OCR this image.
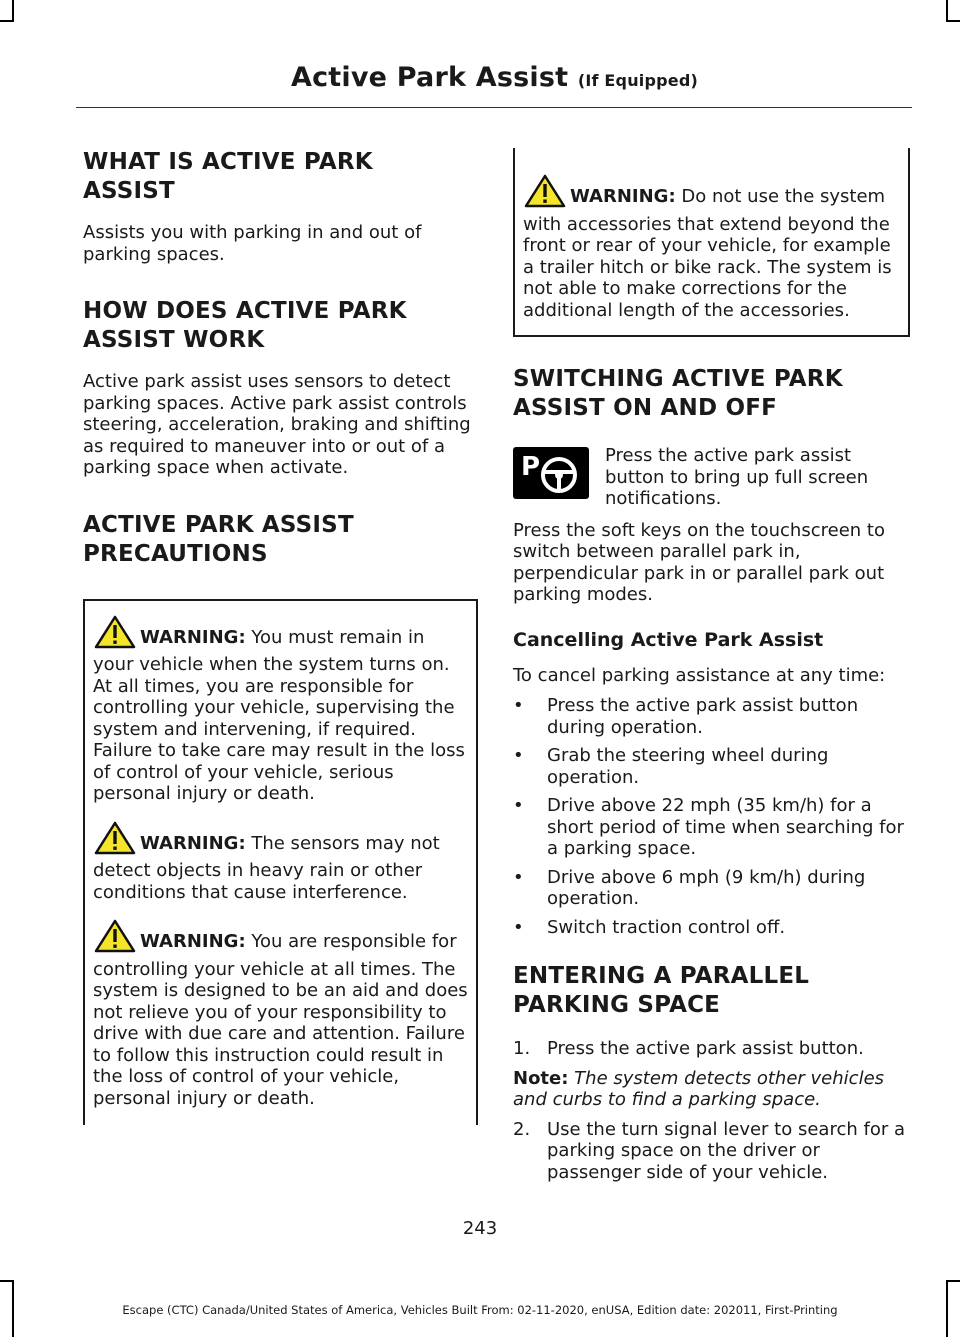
Active Park Assist (If Equipped)
WHAT IS ACTIVE PARK
ASSIST

Assists you with parking in and out of parking spaces.

HOW DOES ACTIVE PARK
ASSIST WORK

Active park assist uses sensors to detect parking spaces. Active park assist controls steering, acceleration, braking and shifting as required to maneuver into or out of a parking space when activate.

ACTIVE PARK ASSIST
PRECAUTIONS

WARNING: You must remain in your vehicle when the system turns on. At all times, you are responsible for controlling your vehicle, supervising the system and intervening, if required. Failure to take care may result in the loss of control of your vehicle, serious personal injury or death.

WARNING: The sensors may not detect objects in heavy rain or other conditions that cause interference.

WARNING: You are responsible for controlling your vehicle at all times. The system is designed to be an aid and does not relieve you of your responsibility to drive with due care and attention. Failure to follow this instruction could result in the loss of control of your vehicle, personal injury or death.

WARNING: Do not use the system with accessories that extend beyond the front or rear of your vehicle, for example a trailer hitch or bike rack. The system is not able to make corrections for the additional length of the accessories.

SWITCHING ACTIVE PARK
ASSIST ON AND OFF
P	Press the active park assist button to bring up full screen notifications.

Press the soft keys on the touchscreen to switch between parallel park in, perpendicular park in or parallel park out parking modes.

Cancelling Active Park Assist

To cancel parking assistance at any time:

• Press the active park assist button during operation.
• Grab the steering wheel during operation.
• Drive above 22 mph (35 km/h) for a short period of time when searching for a parking space.
• Drive above 6 mph (9 km/h) during operation.
• Switch traction control off.
ENTERING A PARALLEL
PARKING SPACE
1. Press the active park assist button.

Note: The system detects other vehicles and curbs to find a parking space.

2. Use the turn signal lever to search for a parking space on the driver or passenger side of your vehicle.
243
Escape (CTC) Canada/United States of America, Vehicles Built From: 02-11-2020, enUSA, Edition date: 202011, First-Printing
